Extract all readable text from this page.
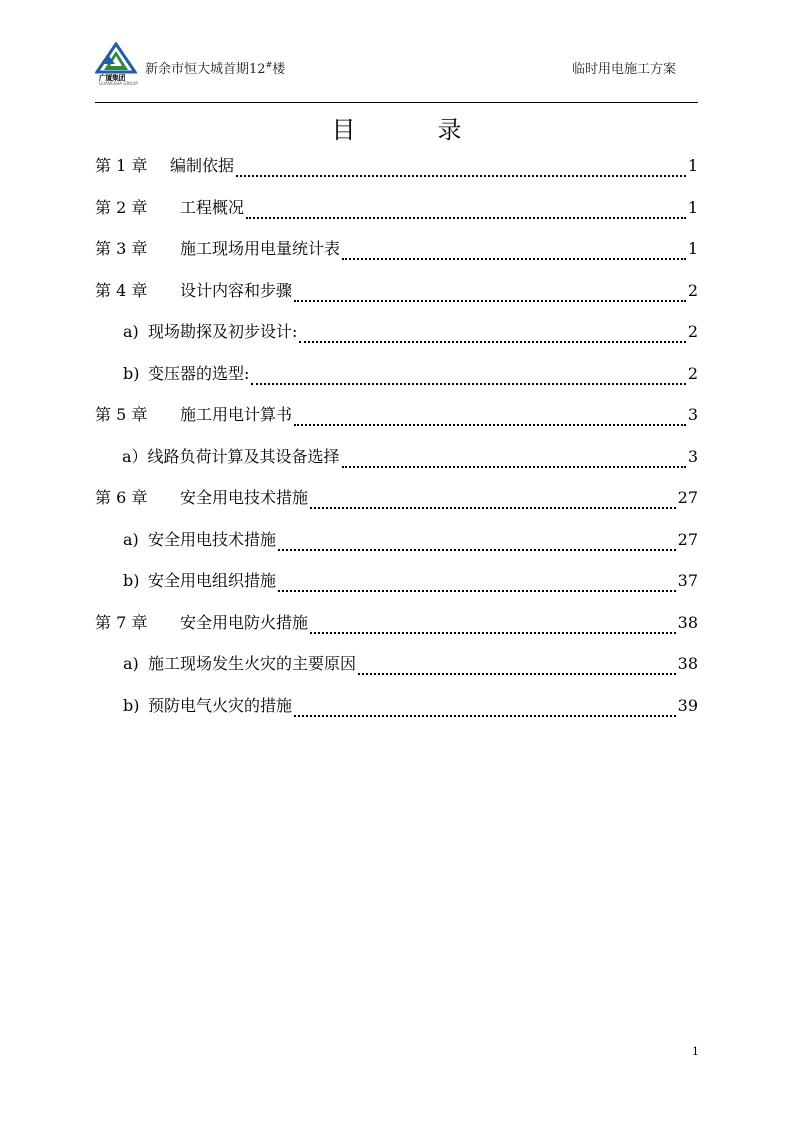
广厦集团
GUANGSHA GROUP
新余市恒大城首期12#楼	临时用电施工方案
目	录
第 1 章	编制依据	1
第 2 章	工程概况	1
第 3 章	施工现场用电量统计表	1
第 4 章	设计内容和步骤	2
a) 现场勘探及初步设计:	2
b) 变压器的选型:	2
第 5 章	施工用电计算书	3
a）线路负荷计算及其设备选择	3
第 6 章	安全用电技术措施	27
a) 安全用电技术措施	27
b) 安全用电组织措施	37
第 7 章	安全用电防火措施	38
a) 施工现场发生火灾的主要原因	38
b) 预防电气火灾的措施	39
1
